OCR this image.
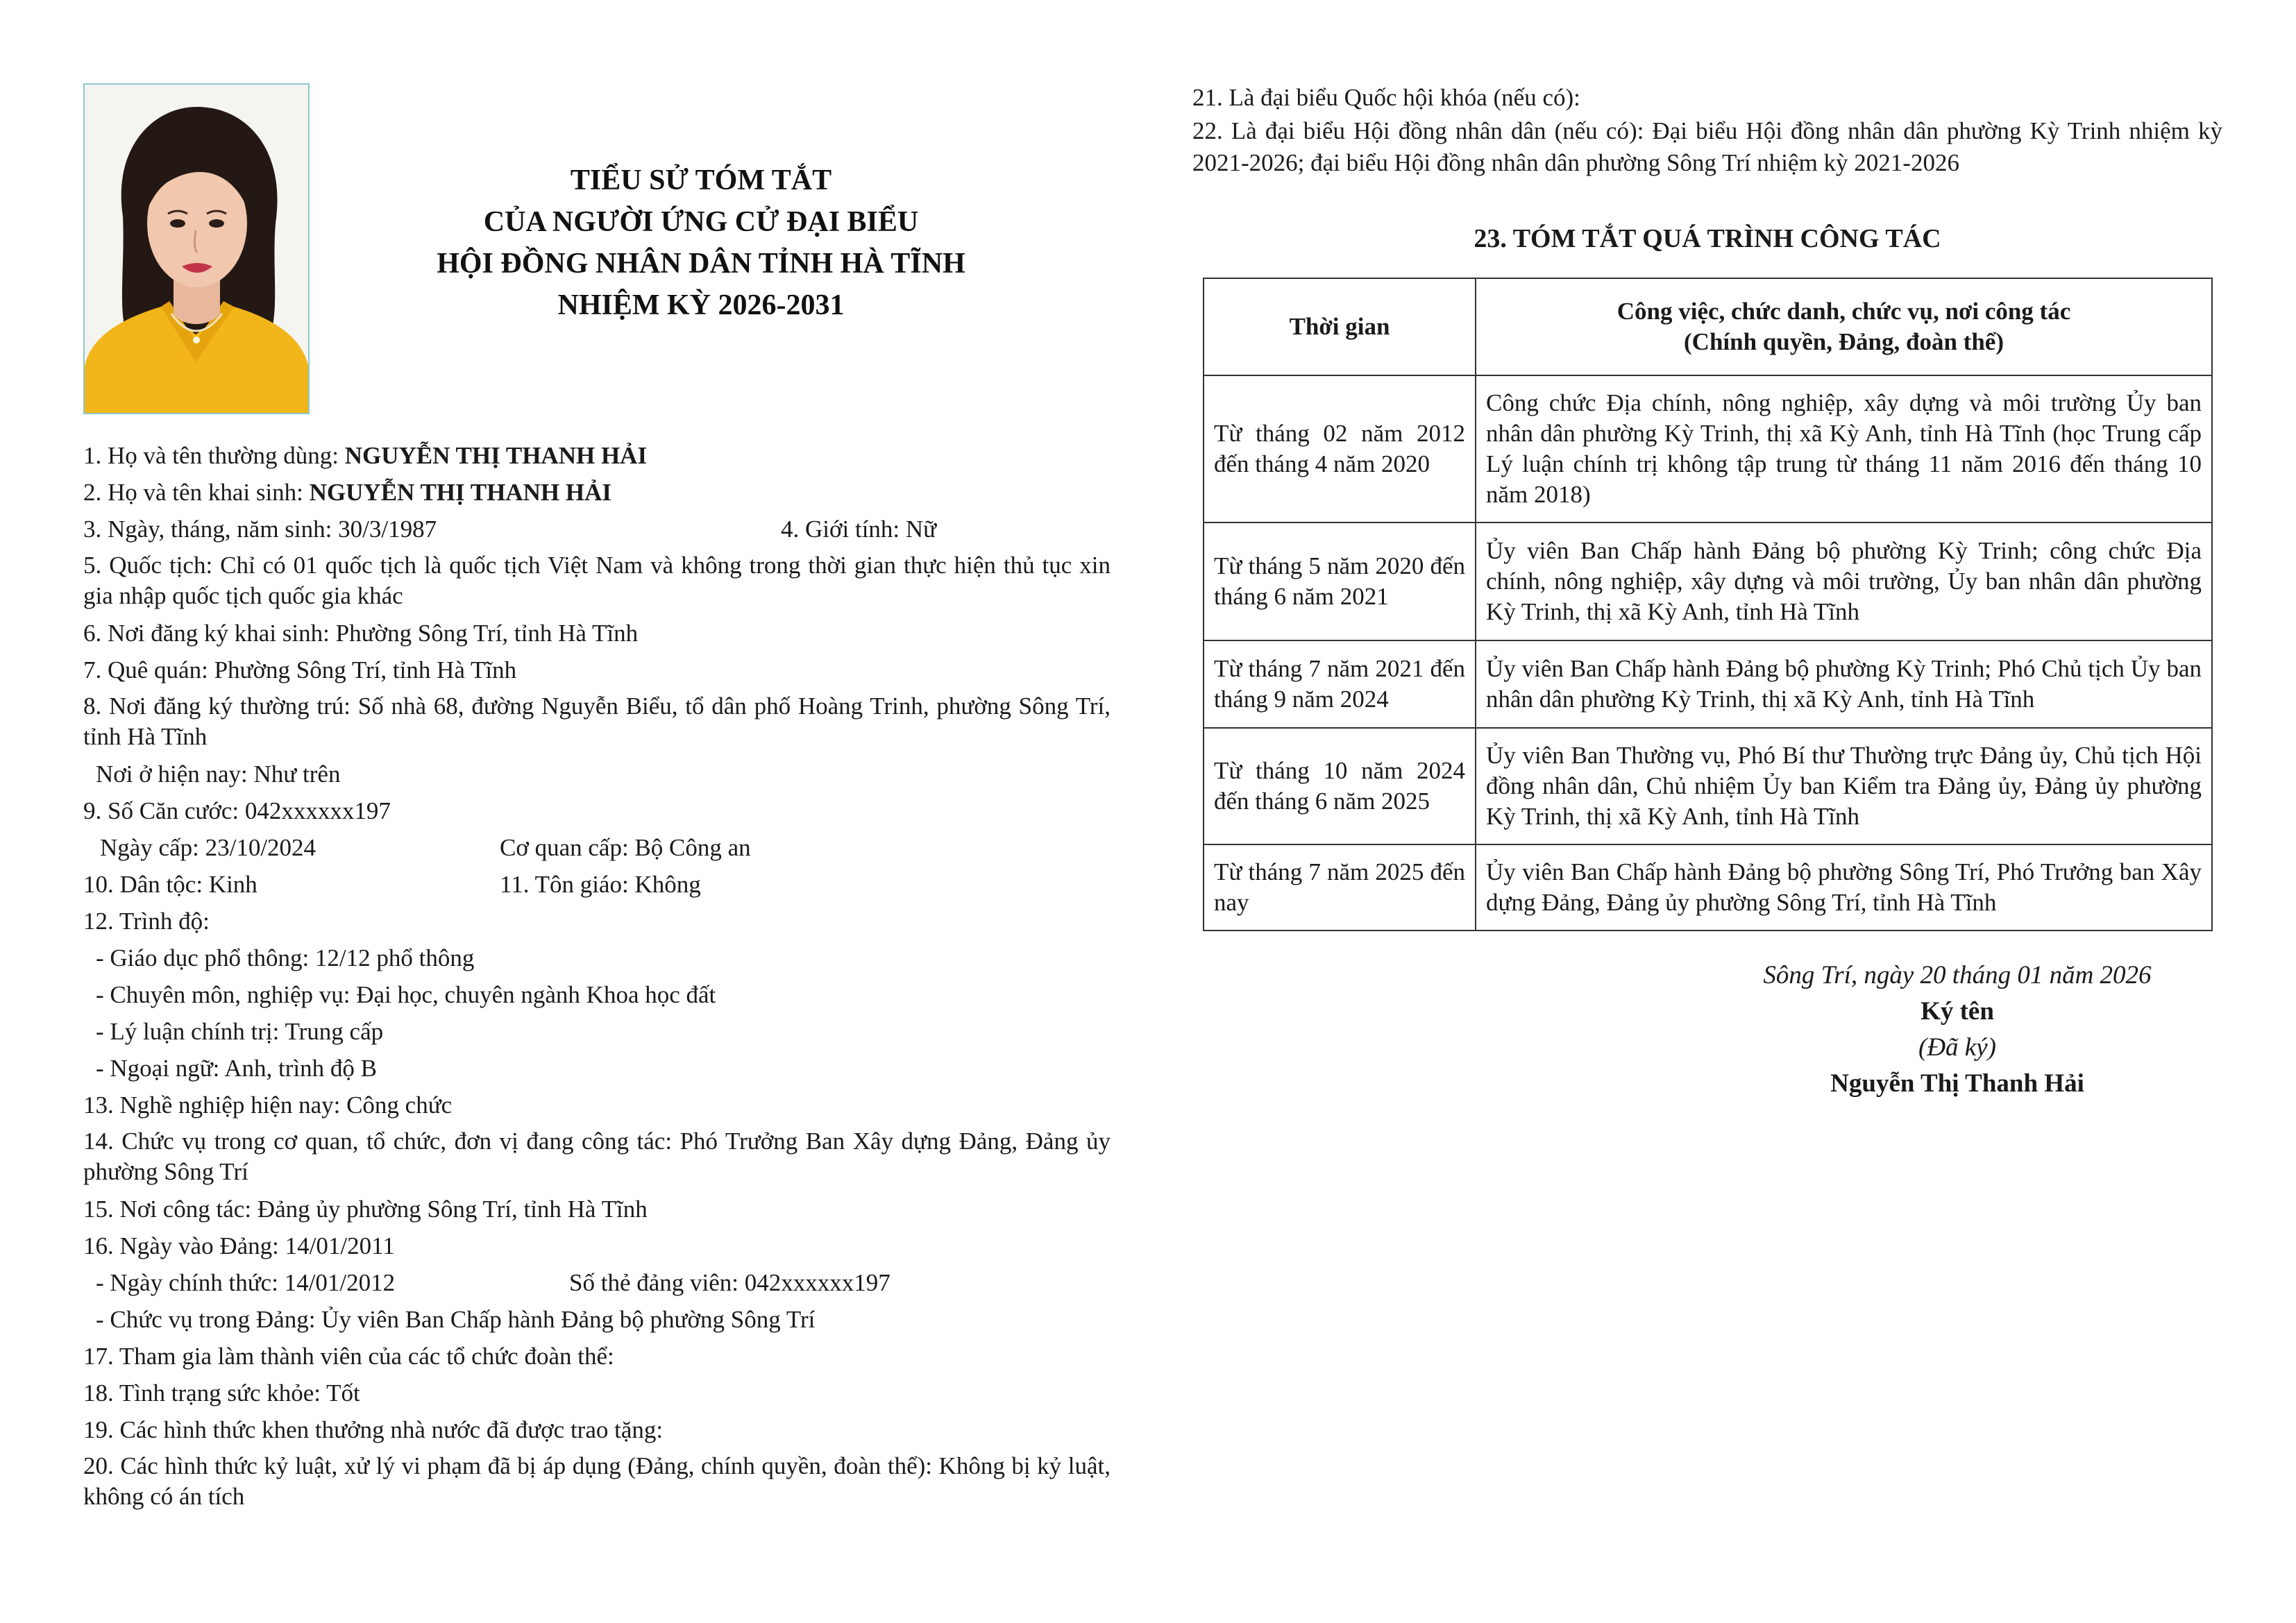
TIỂU SỬ TÓM TẮT
CỦA NGƯỜI ỨNG CỬ ĐẠI BIỂU
HỘI ĐỒNG NHÂN DÂN TỈNH HÀ TĨNH
NHIỆM KỲ 2026-2031

1. Họ và tên thường dùng: NGUYỄN THỊ THANH HẢI

2. Họ và tên khai sinh: NGUYỄN THỊ THANH HẢI

3. Ngày, tháng, năm sinh: 30/3/1987	4. Giới tính: Nữ

5. Quốc tịch: Chỉ có 01 quốc tịch là quốc tịch Việt Nam và không trong thời gian thực hiện thủ tục xin gia nhập quốc tịch quốc gia khác

6. Nơi đăng ký khai sinh: Phường Sông Trí, tỉnh Hà Tĩnh

7. Quê quán: Phường Sông Trí, tỉnh Hà Tĩnh

8. Nơi đăng ký thường trú: Số nhà 68, đường Nguyễn Biểu, tổ dân phố Hoàng Trinh, phường Sông Trí, tỉnh Hà Tĩnh

Nơi ở hiện nay: Như trên

9. Số Căn cước: 042xxxxxx197

Ngày cấp: 23/10/2024	Cơ quan cấp: Bộ Công an
10. Dân tộc: Kinh	11. Tôn giáo: Không

12. Trình độ:

- Giáo dục phổ thông: 12/12 phổ thông

- Chuyên môn, nghiệp vụ: Đại học, chuyên ngành Khoa học đất

- Lý luận chính trị: Trung cấp

- Ngoại ngữ: Anh, trình độ B

13. Nghề nghiệp hiện nay: Công chức

14. Chức vụ trong cơ quan, tổ chức, đơn vị đang công tác: Phó Trưởng Ban Xây dựng Đảng, Đảng ủy phường Sông Trí

15. Nơi công tác: Đảng ủy phường Sông Trí, tỉnh Hà Tĩnh

16. Ngày vào Đảng: 14/01/2011

- Ngày chính thức: 14/01/2012	Số thẻ đảng viên: 042xxxxxx197

- Chức vụ trong Đảng: Ủy viên Ban Chấp hành Đảng bộ phường Sông Trí

17. Tham gia làm thành viên của các tổ chức đoàn thể:

18. Tình trạng sức khỏe: Tốt

19. Các hình thức khen thưởng nhà nước đã được trao tặng:

20. Các hình thức kỷ luật, xử lý vi phạm đã bị áp dụng (Đảng, chính quyền, đoàn thể): Không bị kỷ luật, không có án tích

21. Là đại biểu Quốc hội khóa (nếu có):

22. Là đại biểu Hội đồng nhân dân (nếu có): Đại biểu Hội đồng nhân dân phường Kỳ Trinh nhiệm kỳ 2021-2026; đại biểu Hội đồng nhân dân phường Sông Trí nhiệm kỳ 2021-2026

23. TÓM TẮT QUÁ TRÌNH CÔNG TÁC
Thời gian	Công việc, chức danh, chức vụ, nơi công tác
(Chính quyền, Đảng, đoàn thể)

Từ tháng 02 năm 2012 đến tháng 4 năm 2020	Công chức Địa chính, nông nghiệp, xây dựng và môi trường Ủy ban nhân dân phường Kỳ Trinh, thị xã Kỳ Anh, tỉnh Hà Tĩnh (học Trung cấp Lý luận chính trị không tập trung từ tháng 11 năm 2016 đến tháng 10 năm 2018)
Từ tháng 5 năm 2020 đến tháng 6 năm 2021	Ủy viên Ban Chấp hành Đảng bộ phường Kỳ Trinh; công chức Địa chính, nông nghiệp, xây dựng và môi trường, Ủy ban nhân dân phường Kỳ Trinh, thị xã Kỳ Anh, tỉnh Hà Tĩnh
Từ tháng 7 năm 2021 đến tháng 9 năm 2024	Ủy viên Ban Chấp hành Đảng bộ phường Kỳ Trinh; Phó Chủ tịch Ủy ban nhân dân phường Kỳ Trinh, thị xã Kỳ Anh, tỉnh Hà Tĩnh
Từ tháng 10 năm 2024 đến tháng 6 năm 2025	Ủy viên Ban Thường vụ, Phó Bí thư Thường trực Đảng ủy, Chủ tịch Hội đồng nhân dân, Chủ nhiệm Ủy ban Kiểm tra Đảng ủy, Đảng ủy phường Kỳ Trinh, thị xã Kỳ Anh, tỉnh Hà Tĩnh
Từ tháng 7 năm 2025 đến nay	Ủy viên Ban Chấp hành Đảng bộ phường Sông Trí, Phó Trưởng ban Xây dựng Đảng, Đảng ủy phường Sông Trí, tỉnh Hà Tĩnh
Sông Trí, ngày 20 tháng 01 năm 2026
Ký tên
(Đã ký)
Nguyễn Thị Thanh Hải
